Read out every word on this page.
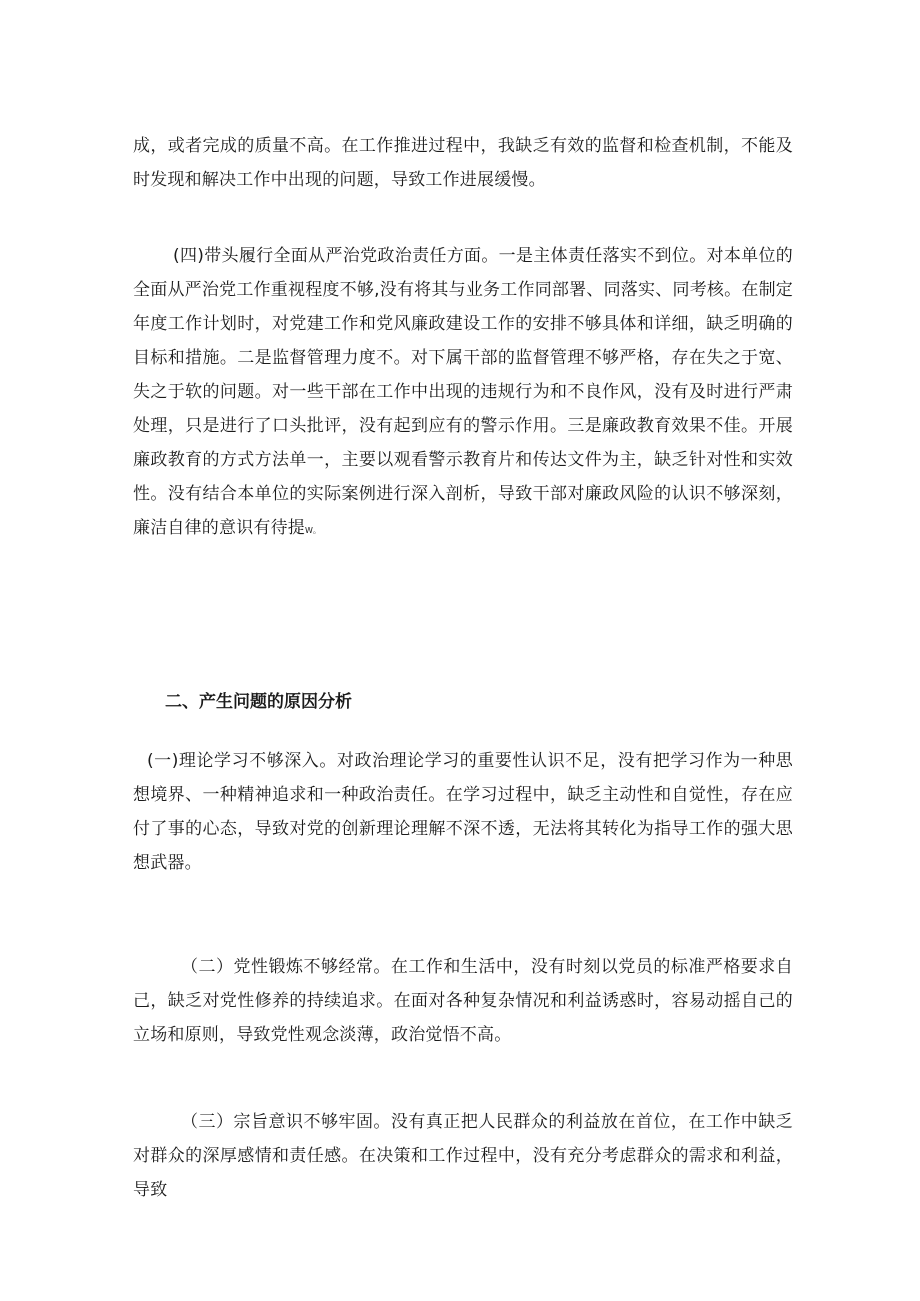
成，或者完成的质量不高。在工作推进过程中，我缺乏有效的监督和检查机制，不能及时发现和解决工作中出现的问题，导致工作进展缓慢。

(四)带头履行全面从严治党政治责任方面。一是主体责任落实不到位。对本单位的全面从严治党工作重视程度不够,没有将其与业务工作同部署、同落实、同考核。在制定年度工作计划时，对党建工作和党风廉政建设工作的安排不够具体和详细，缺乏明确的目标和措施。二是监督管理力度不。对下属干部的监督管理不够严格，存在失之于宽、失之于软的问题。对一些干部在工作中出现的违规行为和不良作风，没有及时进行严肃处理，只是进行了口头批评，没有起到应有的警示作用。三是廉政教育效果不佳。开展廉政教育的方式方法单一，主要以观看警示教育片和传达文件为主，缺乏针对性和实效性。没有结合本单位的实际案例进行深入剖析，导致干部对廉政风险的认识不够深刻，廉洁自律的意识有待提W。

二、产生问题的原因分析

(一)理论学习不够深入。对政治理论学习的重要性认识不足，没有把学习作为一种思想境界、一种精神追求和一种政治责任。在学习过程中，缺乏主动性和自觉性，存在应付了事的心态，导致对党的创新理论理解不深不透，无法将其转化为指导工作的强大思想武器。

（二）党性锻炼不够经常。在工作和生活中，没有时刻以党员的标准严格要求自己，缺乏对党性修养的持续追求。在面对各种复杂情况和利益诱惑时，容易动摇自己的立场和原则，导致党性观念淡薄，政治觉悟不高。

（三）宗旨意识不够牢固。没有真正把人民群众的利益放在首位，在工作中缺乏对群众的深厚感情和责任感。在决策和工作过程中，没有充分考虑群众的需求和利益，导致
